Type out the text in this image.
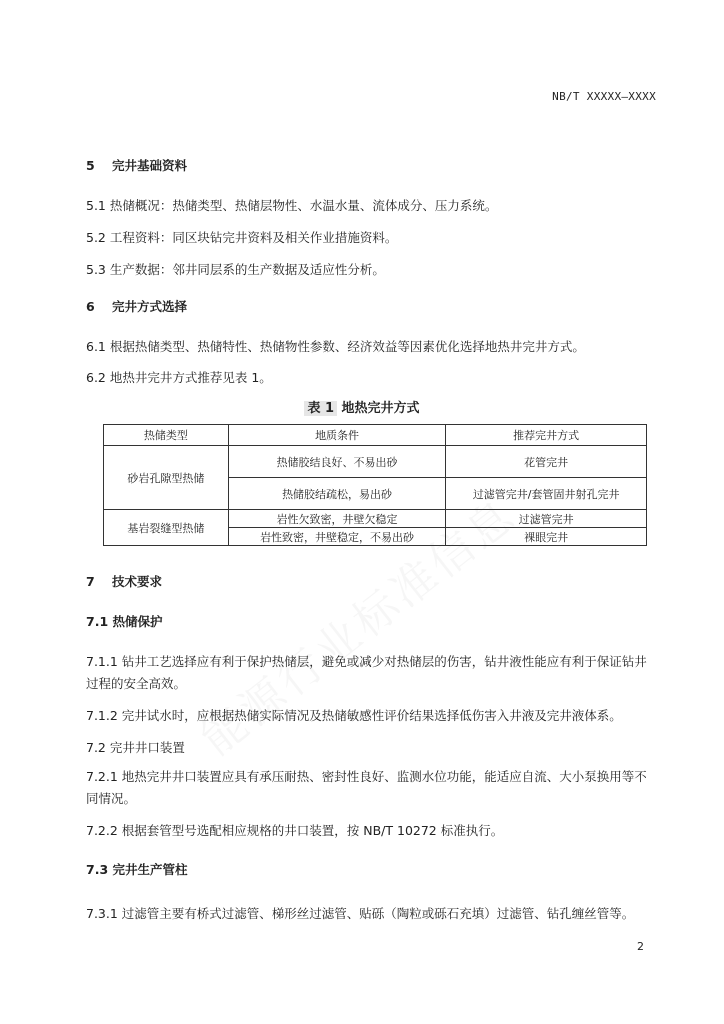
NB/T XXXXX—XXXX
5 完井基础资料
5.1 热储概况：热储类型、热储层物性、水温水量、流体成分、压力系统。
5.2 工程资料：同区块钻完井资料及相关作业措施资料。
5.3 生产数据：邻井同层系的生产数据及适应性分析。
6 完井方式选择
6.1 根据热储类型、热储特性、热储物性参数、经济效益等因素优化选择地热井完井方式。
6.2 地热井完井方式推荐见表 1。
表 1 地热完井方式
热储类型	地质条件	推荐完井方式
砂岩孔隙型热储	热储胶结良好、不易出砂	花管完井
	热储胶结疏松，易出砂	过滤管完井/套管固井射孔完井
基岩裂缝型热储	岩性欠致密，井壁欠稳定	过滤管完井
	岩性致密，井壁稳定，不易出砂	裸眼完井
7 技术要求
7.1 热储保护
7.1.1 钻井工艺选择应有利于保护热储层，避免或减少对热储层的伤害，钻井液性能应有利于保证钻井过程的安全高效。
7.1.2 完井试水时，应根据热储实际情况及热储敏感性评价结果选择低伤害入井液及完井液体系。
7.2 完井井口装置
7.2.1 地热完井井口装置应具有承压耐热、密封性良好、监测水位功能，能适应自流、大小泵换用等不同情况。
7.2.2 根据套管型号选配相应规格的井口装置，按 NB/T 10272 标准执行。
7.3 完井生产管柱
7.3.1 过滤管主要有桥式过滤管、梯形丝过滤管、贴砾（陶粒或砾石充填）过滤管、钻孔缠丝管等。
2
